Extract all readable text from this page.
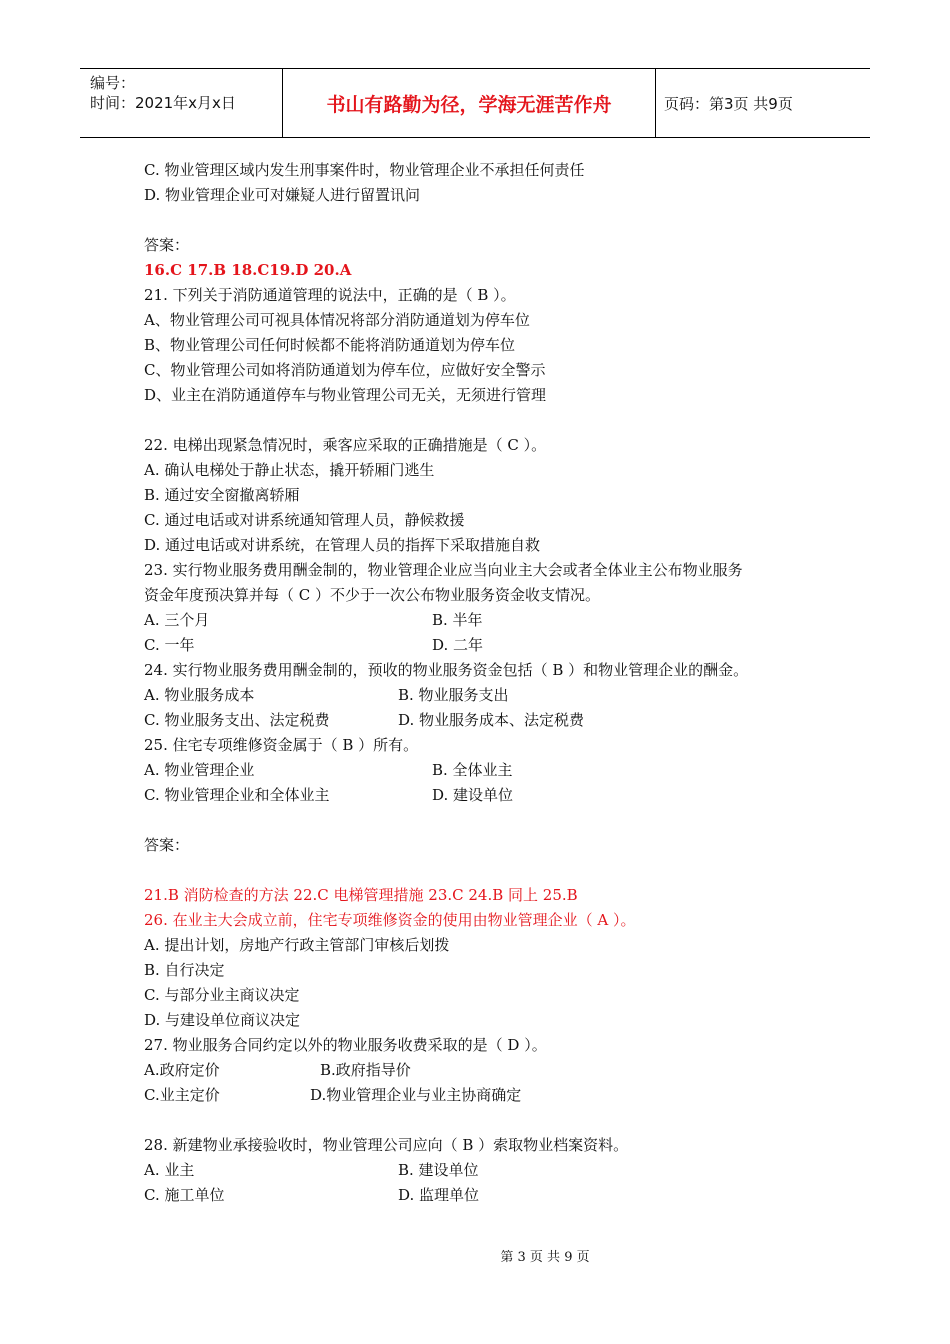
编号：
时间：2021年x月x日	书山有路勤为径，学海无涯苦作舟	页码：第3页 共9页
C. 物业管理区域内发生刑事案件时，物业管理企业不承担任何责任
D. 物业管理企业可对嫌疑人进行留置讯问
答案：
16.C 17.B 18.C19.D 20.A
21. 下列关于消防通道管理的说法中，正确的是（ B ）。
A、物业管理公司可视具体情况将部分消防通道划为停车位
B、物业管理公司任何时候都不能将消防通道划为停车位
C、物业管理公司如将消防通道划为停车位，应做好安全警示
D、业主在消防通道停车与物业管理公司无关，无须进行管理
22. 电梯出现紧急情况时，乘客应采取的正确措施是（ C ）。
A. 确认电梯处于静止状态，撬开轿厢门逃生
B. 通过安全窗撤离轿厢
C. 通过电话或对讲系统通知管理人员，静候救援
D. 通过电话或对讲系统，在管理人员的指挥下采取措施自救
23. 实行物业服务费用酬金制的，物业管理企业应当向业主大会或者全体业主公布物业服务
资金年度预决算并每（ C ）不少于一次公布物业服务资金收支情况。
A. 三个月	B. 半年
C. 一年	D. 二年
24. 实行物业服务费用酬金制的，预收的物业服务资金包括（ B ）和物业管理企业的酬金。
A. 物业服务成本	B. 物业服务支出
C. 物业服务支出、法定税费	D. 物业服务成本、法定税费
25. 住宅专项维修资金属于（ B ）所有。
A. 物业管理企业	B. 全体业主
C. 物业管理企业和全体业主	D. 建设单位
答案：
21.B 消防检查的方法 22.C 电梯管理措施 23.C 24.B 同上 25.B
26. 在业主大会成立前，住宅专项维修资金的使用由物业管理企业（ A ）。
A. 提出计划，房地产行政主管部门审核后划拨
B. 自行决定
C. 与部分业主商议决定
D. 与建设单位商议决定
27. 物业服务合同约定以外的物业服务收费采取的是（ D ）。
A.政府定价	B.政府指导价
C.业主定价	D.物业管理企业与业主协商确定
28. 新建物业承接验收时，物业管理公司应向（ B ）索取物业档案资料。
A. 业主	B. 建设单位
C. 施工单位	D. 监理单位
第 3 页 共 9 页
